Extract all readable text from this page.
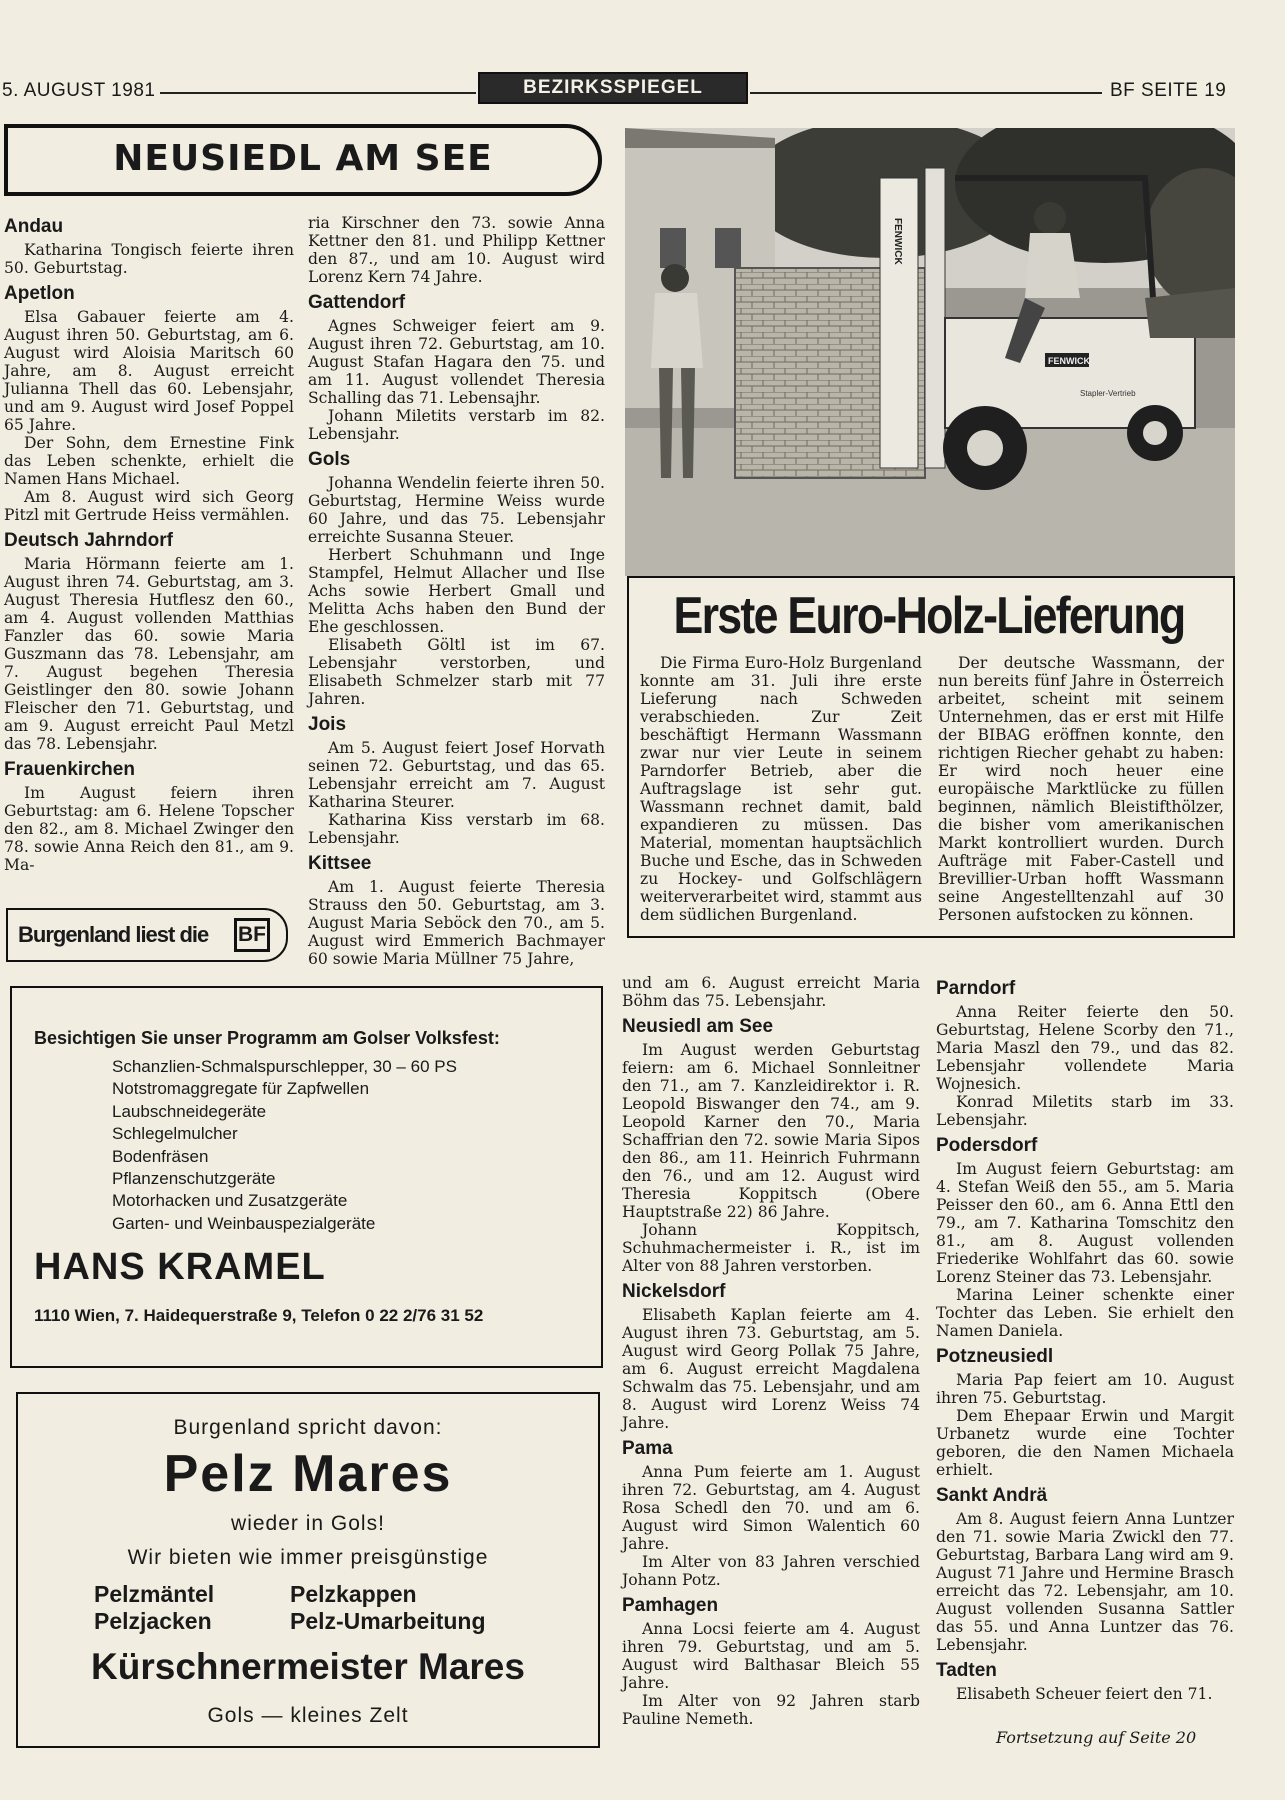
5. AUGUST 1981	BEZIRKSSPIEGEL	BF SEITE 19
NEUSIEDL AM SEE
Andau

Katharina Tongisch feierte ihren 50. Geburtstag.

Apetlon

Elsa Gabauer feierte am 4. August ihren 50. Geburtstag, am 6. August wird Aloisia Maritsch 60 Jahre, am 8. August erreicht Julianna Thell das 60. Lebensjahr, und am 9. August wird Josef Poppel 65 Jahre.

Der Sohn, dem Ernestine Fink das Leben schenkte, erhielt die Namen Hans Michael.

Am 8. August wird sich Georg Pitzl mit Gertrude Heiss vermählen.

Deutsch Jahrndorf

Maria Hörmann feierte am 1. August ihren 74. Geburtstag, am 3. August Theresia Hutflesz den 60., am 4. August vollenden Matthias Fanzler das 60. sowie Maria Guszmann das 78. Lebensjahr, am 7. August begehen Theresia Geistlinger den 80. sowie Johann Fleischer den 71. Geburtstag, und am 9. August erreicht Paul Metzl das 78. Lebensjahr.

Frauenkirchen

Im August feiern ihren Geburtstag: am 6. Helene Topscher den 82., am 8. Michael Zwinger den 78. sowie Anna Reich den 81., am 9. Ma-

ria Kirschner den 73. sowie Anna Kettner den 81. und Philipp Kettner den 87., und am 10. August wird Lorenz Kern 74 Jahre.

Gattendorf

Agnes Schweiger feiert am 9. August ihren 72. Geburtstag, am 10. August Stafan Hagara den 75. und am 11. August vollendet Theresia Schalling das 71. Lebensajhr.

Johann Miletits verstarb im 82. Lebensjahr.

Gols

Johanna Wendelin feierte ihren 50. Geburtstag, Hermine Weiss wurde 60 Jahre, und das 75. Lebensjahr erreichte Susanna Steuer.

Herbert Schuhmann und Inge Stampfel, Helmut Allacher und Ilse Achs sowie Herbert Gmall und Melitta Achs haben den Bund der Ehe geschlossen.

Elisabeth Göltl ist im 67. Lebensjahr verstorben, und Elisabeth Schmelzer starb mit 77 Jahren.

Jois

Am 5. August feiert Josef Horvath seinen 72. Geburtstag, und das 65. Lebensjahr erreicht am 7. August Katharina Steurer.

Katharina Kiss verstarb im 68. Lebensjahr.

Kittsee

Am 1. August feierte Theresia Strauss den 50. Geburtstag, am 3. August Maria Seböck den 70., am 5. August wird Emmerich Bachmayer 60 sowie Maria Müllner 75 Jahre,

Burgenland liest die BF
FENWICK
FENWICK
Stapler-Vertrieb
Erste Euro-Holz-Lieferung
Die Firma Euro-Holz Burgenland konnte am 31. Juli ihre erste Lieferung nach Schweden verabschieden. Zur Zeit beschäftigt Hermann Wassmann zwar nur vier Leute in seinem Parndorfer Betrieb, aber die Auftragslage ist sehr gut. Wassmann rechnet damit, bald expandieren zu müssen. Das Material, momentan hauptsächlich Buche und Esche, das in Schweden zu Hockey- und Golfschlägern weiterverarbeitet wird, stammt aus dem südlichen Burgenland.
Der deutsche Wassmann, der nun bereits fünf Jahre in Österreich arbeitet, scheint mit seinem Unternehmen, das er erst mit Hilfe der BIBAG eröffnen konnte, den richtigen Riecher gehabt zu haben: Er wird noch heuer eine europäische Marktlücke zu füllen beginnen, nämlich Bleistifthölzer, die bisher vom amerikanischen Markt kontrolliert wurden. Durch Aufträge mit Faber-Castell und Brevillier-Urban hofft Wassmann seine Angestelltenzahl auf 30 Personen aufstocken zu können.
Besichtigen Sie unser Programm am Golser Volksfest:
Schanzlien-Schmalspurschlepper, 30 – 60 PS
Notstromaggregate für Zapfwellen
Laubschneidegeräte
Schlegelmulcher
Bodenfräsen
Pflanzenschutzgeräte
Motorhacken und Zusatzgeräte
Garten- und Weinbauspezialgeräte
HANS KRAMEL
1110 Wien, 7. Haidequerstraße 9, Telefon 0 22 2/76 31 52
Burgenland spricht davon:
Pelz Mares
wieder in Gols!
Wir bieten wie immer preisgünstige
Pelzmäntel	Pelzkappen
Pelzjacken	Pelz-Umarbeitung
Kürschnermeister Mares
Gols — kleines Zelt

und am 6. August erreicht Maria Böhm das 75. Lebensjahr.

Neusiedl am See

Im August werden Geburtstag feiern: am 6. Michael Sonnleitner den 71., am 7. Kanzleidirektor i. R. Leopold Biswanger den 74., am 9. Leopold Karner den 70., Maria Schaffrian den 72. sowie Maria Sipos den 86., am 11. Heinrich Fuhrmann den 76., und am 12. August wird Theresia Koppitsch (Obere Hauptstraße 22) 86 Jahre.

Johann Koppitsch, Schuhmachermeister i. R., ist im Alter von 88 Jahren verstorben.

Nickelsdorf

Elisabeth Kaplan feierte am 4. August ihren 73. Geburtstag, am 5. August wird Georg Pollak 75 Jahre, am 6. August erreicht Magdalena Schwalm das 75. Lebensjahr, und am 8. August wird Lorenz Weiss 74 Jahre.

Pama

Anna Pum feierte am 1. August ihren 72. Geburtstag, am 4. August Rosa Schedl den 70. und am 6. August wird Simon Walentich 60 Jahre.

Im Alter von 83 Jahren verschied Johann Potz.

Pamhagen

Anna Locsi feierte am 4. August ihren 79. Geburtstag, und am 5. August wird Balthasar Bleich 55 Jahre.

Im Alter von 92 Jahren starb Pauline Nemeth.

Parndorf

Anna Reiter feierte den 50. Geburtstag, Helene Scorby den 71., Maria Maszl den 79., und das 82. Lebensjahr vollendete Maria Wojnesich.

Konrad Miletits starb im 33. Lebensjahr.

Podersdorf

Im August feiern Geburtstag: am 4. Stefan Weiß den 55., am 5. Maria Peisser den 60., am 6. Anna Ettl den 79., am 7. Katharina Tomschitz den 81., am 8. August vollenden Friederike Wohlfahrt das 60. sowie Lorenz Steiner das 73. Lebensjahr.

Marina Leiner schenkte einer Tochter das Leben. Sie erhielt den Namen Daniela.

Potzneusiedl

Maria Pap feiert am 10. August ihren 75. Geburtstag.

Dem Ehepaar Erwin und Margit Urbanetz wurde eine Tochter geboren, die den Namen Michaela erhielt.

Sankt Andrä

Am 8. August feiern Anna Luntzer den 71. sowie Maria Zwickl den 77. Geburtstag, Barbara Lang wird am 9. August 71 Jahre und Hermine Brasch erreicht das 72. Lebensjahr, am 10. August vollenden Susanna Sattler das 55. und Anna Luntzer das 76. Lebensjahr.

Tadten

Elisabeth Scheuer feiert den 71.

Fortsetzung auf Seite 20
